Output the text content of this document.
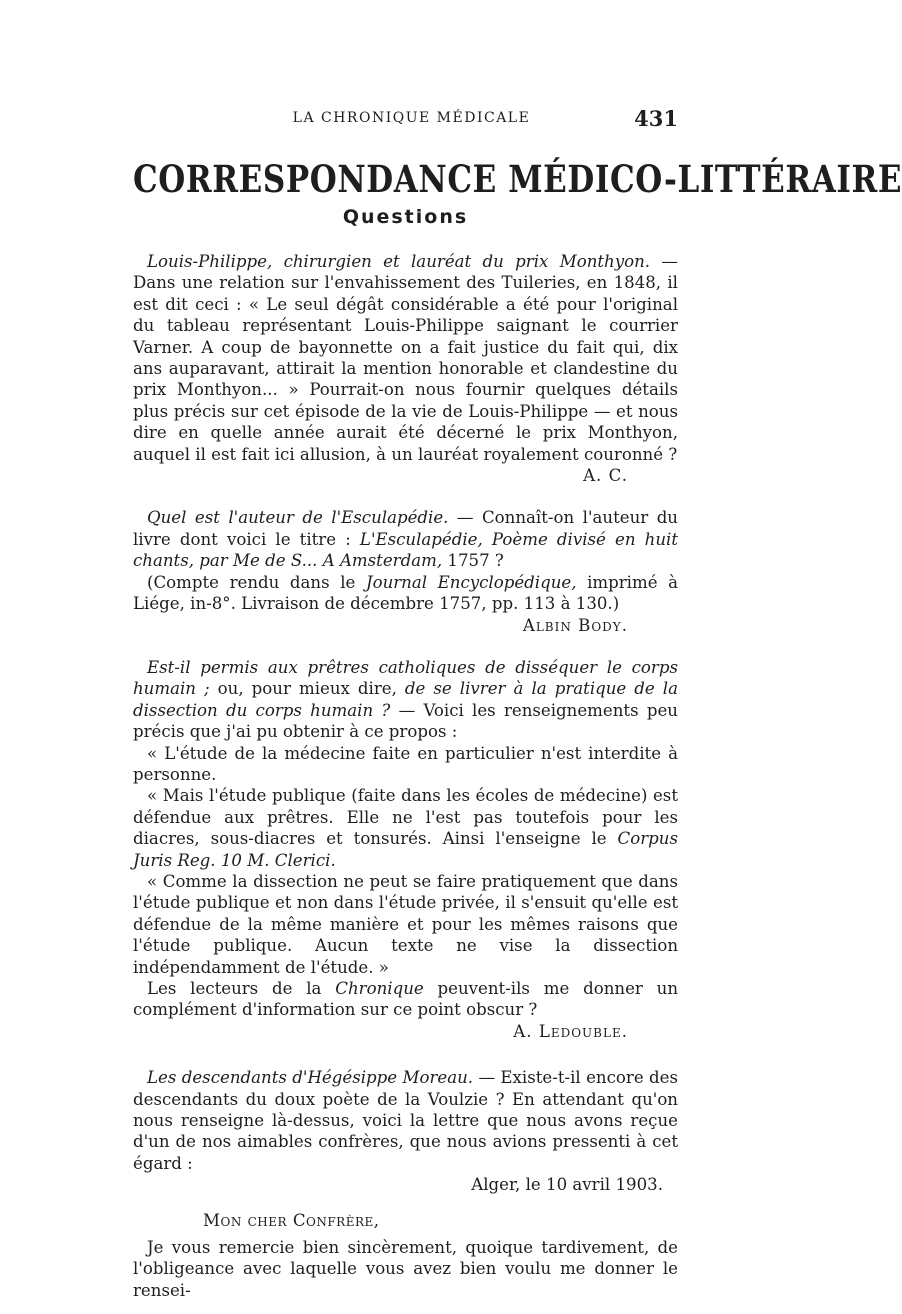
LA CHRONIQUE MÉDICALE	431
CORRESPONDANCE MÉDICO-LITTÉRAIRE
Questions

Louis-Philippe, chirurgien et lauréat du prix Monthyon. — Dans une relation sur l'envahissement des Tuileries, en 1848, il est dit ceci : « Le seul dégât considérable a été pour l'original du tableau représentant Louis-Philippe saignant le courrier Varner. A coup de bayonnette on a fait justice du fait qui, dix ans auparavant, attirait la mention honorable et clandestine du prix Monthyon... » Pourrait-on nous fournir quelques détails plus précis sur cet épisode de la vie de Louis-Philippe — et nous dire en quelle année aurait été décerné le prix Monthyon, auquel il est fait ici allusion, à un lauréat royalement couronné ?

A. C.

Quel est l'auteur de l'Esculapédie. — Connaît-on l'auteur du livre dont voici le titre : L'Esculapédie, Poème divisé en huit chants, par Me de S... A Amsterdam, 1757 ?

(Compte rendu dans le Journal Encyclopédique, imprimé à Liége, in-8°. Livraison de décembre 1757, pp. 113 à 130.)

Albin Body.

Est-il permis aux prêtres catholiques de disséquer le corps humain ; ou, pour mieux dire, de se livrer à la pratique de la dissection du corps humain ? — Voici les renseignements peu précis que j'ai pu obtenir à ce propos :

« L'étude de la médecine faite en particulier n'est interdite à personne.

« Mais l'étude publique (faite dans les écoles de médecine) est défendue aux prêtres. Elle ne l'est pas toutefois pour les diacres, sous-diacres et tonsurés. Ainsi l'enseigne le Corpus Juris Reg. 10 M. Clerici.

« Comme la dissection ne peut se faire pratiquement que dans l'étude publique et non dans l'étude privée, il s'ensuit qu'elle est défendue de la même manière et pour les mêmes raisons que l'étude publique. Aucun texte ne vise la dissection indépendamment de l'étude. »

Les lecteurs de la Chronique peuvent-ils me donner un complément d'information sur ce point obscur ?

A. Ledouble.

Les descendants d'Hégésippe Moreau. — Existe-t-il encore des descendants du doux poète de la Voulzie ? En attendant qu'on nous renseigne là-dessus, voici la lettre que nous avons reçue d'un de nos aimables confrères, que nous avions pressenti à cet égard :

Alger, le 10 avril 1903.

Mon cher Confrère,

Je vous remercie bien sincèrement, quoique tardivement, de l'obligeance avec laquelle vous avez bien voulu me donner le rensei-
